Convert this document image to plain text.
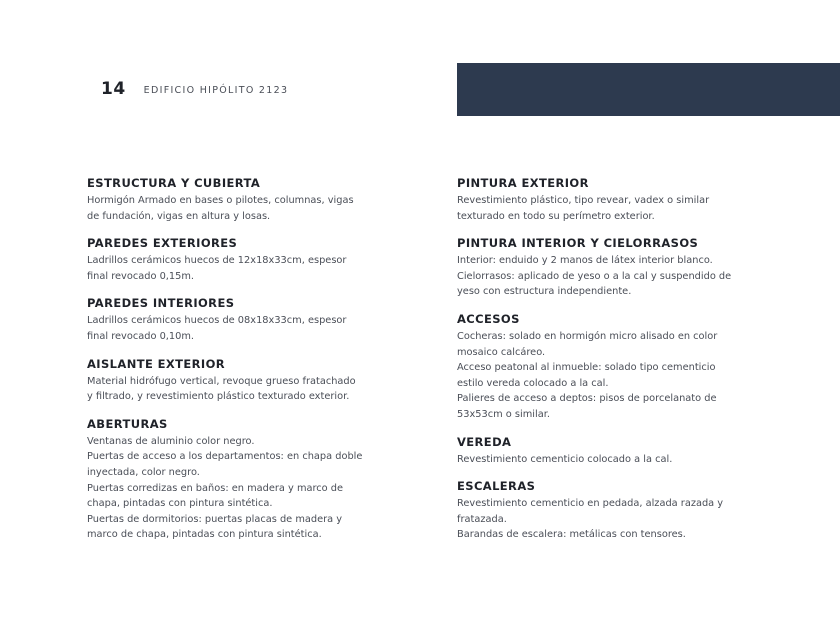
14 EDIFICIO HIPÓLITO 2123
ESTRUCTURA Y CUBIERTA

Hormigón Armado en bases o pilotes, columnas, vigas
de fundación, vigas en altura y losas.

PAREDES EXTERIORES

Ladrillos cerámicos huecos de 12x18x33cm, espesor
final revocado 0,15m.

PAREDES INTERIORES

Ladrillos cerámicos huecos de 08x18x33cm, espesor
final revocado 0,10m.

AISLANTE EXTERIOR

Material hidrófugo vertical, revoque grueso fratachado
y filtrado, y revestimiento plástico texturado exterior.

ABERTURAS

Ventanas de aluminio color negro.

Puertas de acceso a los departamentos: en chapa doble
inyectada, color negro.

Puertas corredizas en baños: en madera y marco de
chapa, pintadas con pintura sintética.

Puertas de dormitorios: puertas placas de madera y
marco de chapa, pintadas con pintura sintética.

PINTURA EXTERIOR

Revestimiento plástico, tipo revear, vadex o similar
texturado en todo su perímetro exterior.

PINTURA INTERIOR Y CIELORRASOS

Interior: enduido y 2 manos de látex interior blanco.

Cielorrasos: aplicado de yeso o a la cal y suspendido de
yeso con estructura independiente.

ACCESOS

Cocheras: solado en hormigón micro alisado en color
mosaico calcáreo.

Acceso peatonal al inmueble: solado tipo cementicio
estilo vereda colocado a la cal.

Palieres de acceso a deptos: pisos de porcelanato de
53x53cm o similar.

VEREDA

Revestimiento cementicio colocado a la cal.

ESCALERAS

Revestimiento cementicio en pedada, alzada razada y
fratazada.

Barandas de escalera: metálicas con tensores.
